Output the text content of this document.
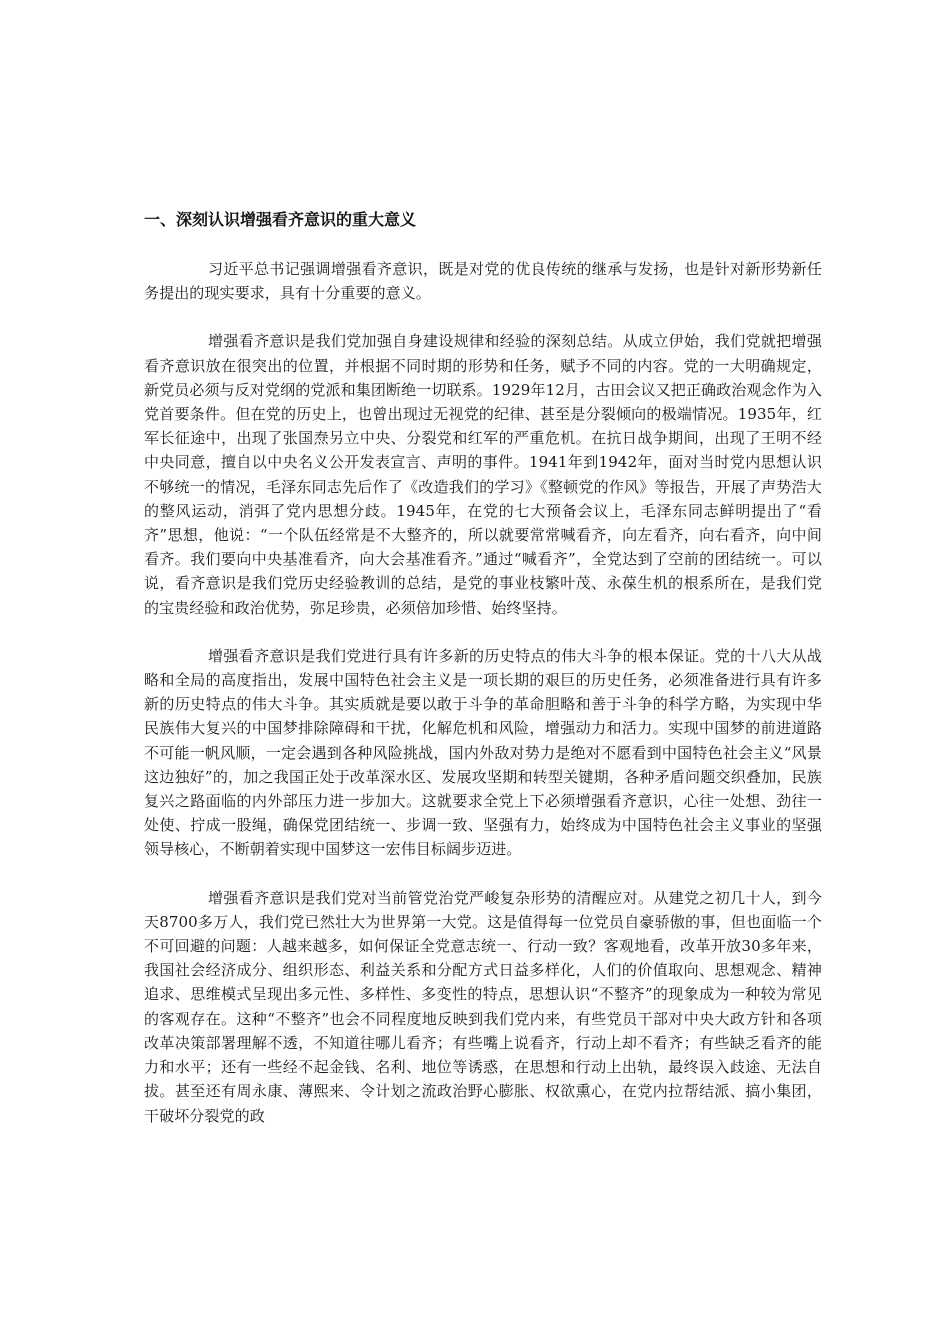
一、深刻认识增强看齐意识的重大意义

习近平总书记强调增强看齐意识，既是对党的优良传统的继承与发扬，也是针对新形势新任务提出的现实要求，具有十分重要的意义。

增强看齐意识是我们党加强自身建设规律和经验的深刻总结。从成立伊始，我们党就把增强看齐意识放在很突出的位置，并根据不同时期的形势和任务，赋予不同的内容。党的一大明确规定，新党员必须与反对党纲的党派和集团断绝一切联系。1929年12月，古田会议又把正确政治观念作为入党首要条件。但在党的历史上，也曾出现过无视党的纪律、甚至是分裂倾向的极端情况。1935年，红军长征途中，出现了张国焘另立中央、分裂党和红军的严重危机。在抗日战争期间，出现了王明不经中央同意，擅自以中央名义公开发表宣言、声明的事件。1941年到1942年，面对当时党内思想认识不够统一的情况，毛泽东同志先后作了《改造我们的学习》《整顿党的作风》等报告，开展了声势浩大的整风运动，消弭了党内思想分歧。1945年，在党的七大预备会议上，毛泽东同志鲜明提出了“看齐”思想，他说：“一个队伍经常是不大整齐的，所以就要常常喊看齐，向左看齐，向右看齐，向中间看齐。我们要向中央基准看齐，向大会基准看齐。”通过“喊看齐”，全党达到了空前的团结统一。可以说，看齐意识是我们党历史经验教训的总结，是党的事业枝繁叶茂、永葆生机的根系所在，是我们党的宝贵经验和政治优势，弥足珍贵，必须倍加珍惜、始终坚持。

增强看齐意识是我们党进行具有许多新的历史特点的伟大斗争的根本保证。党的十八大从战略和全局的高度指出，发展中国特色社会主义是一项长期的艰巨的历史任务，必须准备进行具有许多新的历史特点的伟大斗争。其实质就是要以敢于斗争的革命胆略和善于斗争的科学方略，为实现中华民族伟大复兴的中国梦排除障碍和干扰，化解危机和风险，增强动力和活力。实现中国梦的前进道路不可能一帆风顺，一定会遇到各种风险挑战，国内外敌对势力是绝对不愿看到中国特色社会主义“风景这边独好”的，加之我国正处于改革深水区、发展攻坚期和转型关键期，各种矛盾问题交织叠加，民族复兴之路面临的内外部压力进一步加大。这就要求全党上下必须增强看齐意识，心往一处想、劲往一处使、拧成一股绳，确保党团结统一、步调一致、坚强有力，始终成为中国特色社会主义事业的坚强领导核心，不断朝着实现中国梦这一宏伟目标阔步迈进。

增强看齐意识是我们党对当前管党治党严峻复杂形势的清醒应对。从建党之初几十人，到今天8700多万人，我们党已然壮大为世界第一大党。这是值得每一位党员自豪骄傲的事，但也面临一个不可回避的问题：人越来越多，如何保证全党意志统一、行动一致？客观地看，改革开放30多年来，我国社会经济成分、组织形态、利益关系和分配方式日益多样化，人们的价值取向、思想观念、精神追求、思维模式呈现出多元性、多样性、多变性的特点，思想认识“不整齐”的现象成为一种较为常见的客观存在。这种“不整齐”也会不同程度地反映到我们党内来，有些党员干部对中央大政方针和各项改革决策部署理解不透，不知道往哪儿看齐；有些嘴上说看齐，行动上却不看齐；有些缺乏看齐的能力和水平；还有一些经不起金钱、名利、地位等诱惑，在思想和行动上出轨，最终误入歧途、无法自拔。甚至还有周永康、薄熙来、令计划之流政治野心膨胀、权欲熏心，在党内拉帮结派、搞小集团，干破坏分裂党的政
